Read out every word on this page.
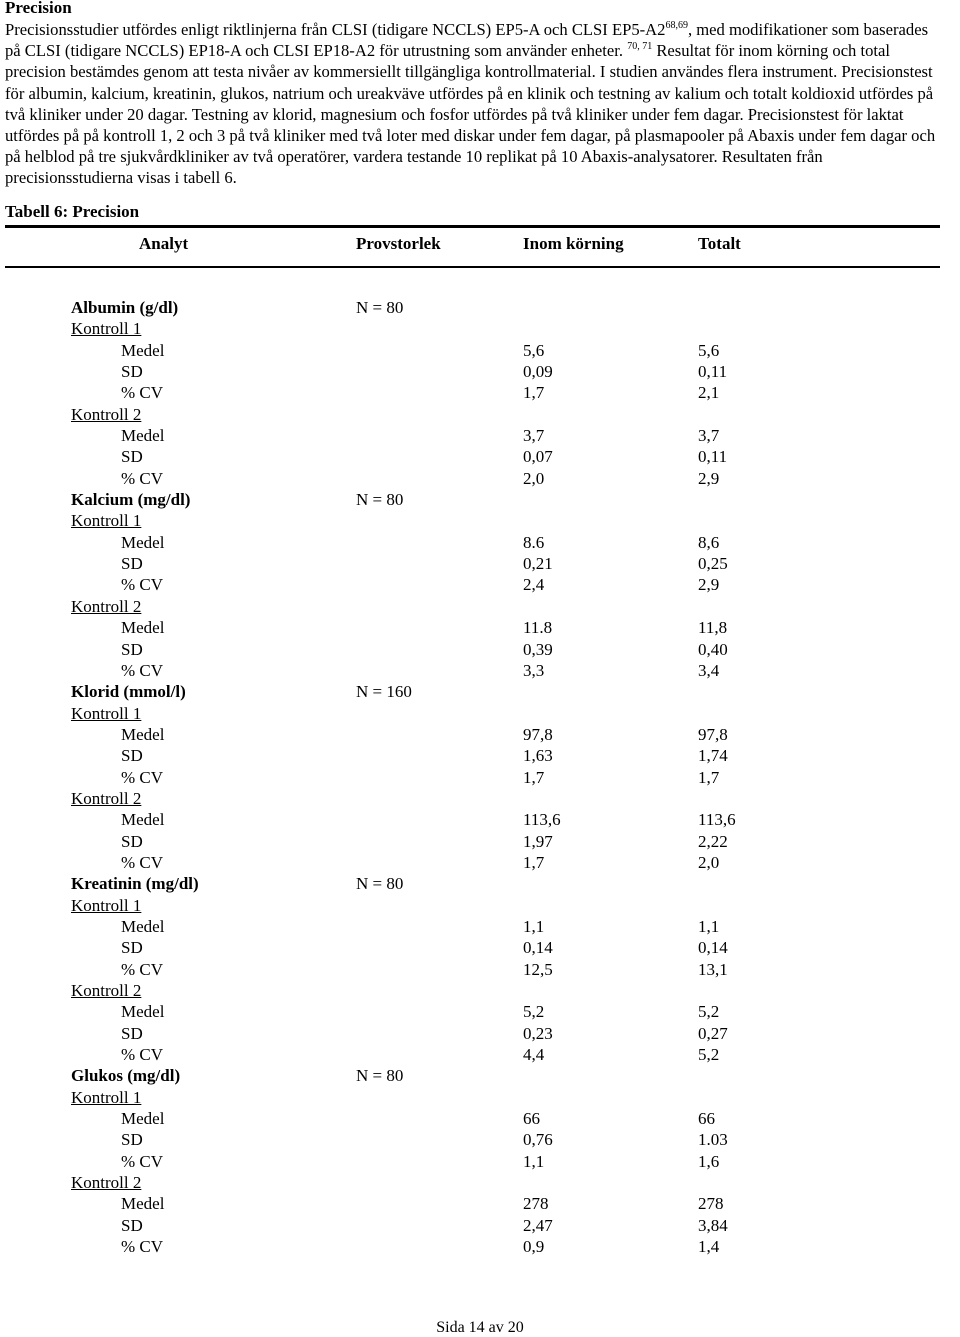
Precision
Precisionsstudier utfördes enligt riktlinjerna från CLSI (tidigare NCCLS) EP5-A och CLSI EP5-A2$^{68,69}$, med modifikationer som baserades på CLSI (tidigare NCCLS) EP18-A och CLSI EP18-A2 för utrustning som använder enheter. $^{70, 71}$ Resultat för inom körning och total precision bestämdes genom att testa nivåer av kommersiellt tillgängliga kontrollmaterial. I studien användes flera instrument. Precisionstest för albumin, kalcium, kreatinin, glukos, natrium och ureakväve utfördes på en klinik och testning av kalium och totalt koldioxid utfördes på två kliniker under 20 dagar. Testning av klorid, magnesium och fosfor utfördes på två kliniker under fem dagar. Precisionstest för laktat utfördes på på kontroll 1, 2 och 3 på två kliniker med två loter med diskar under fem dagar, på plasmapooler på Abaxis under fem dagar och på helblod på tre sjukvårdkliniker av två operatörer, vardera testande 10 replikat på 10 Abaxis-analysatorer. Resultaten från precisionsstudierna visas i tabell 6.
Tabell 6: Precision
Analyt	Provstorlek	Inom körning	Totalt
Albumin (g/dl)	N = 80
Kontroll 1
Medel	5,6	5,6
SD	0,09	0,11
% CV	1,7	2,1
Kontroll 2
Medel	3,7	3,7
SD	0,07	0,11
% CV	2,0	2,9
Kalcium (mg/dl)	N = 80
Kontroll 1
Medel	8.6	8,6
SD	0,21	0,25
% CV	2,4	2,9
Kontroll 2
Medel	11.8	11,8
SD	0,39	0,40
% CV	3,3	3,4
Klorid (mmol/l)	N = 160
Kontroll 1
Medel	97,8	97,8
SD	1,63	1,74
% CV	1,7	1,7
Kontroll 2
Medel	113,6	113,6
SD	1,97	2,22
% CV	1,7	2,0
Kreatinin (mg/dl)	N = 80
Kontroll 1
Medel	1,1	1,1
SD	0,14	0,14
% CV	12,5	13,1
Kontroll 2
Medel	5,2	5,2
SD	0,23	0,27
% CV	4,4	5,2
Glukos (mg/dl)	N = 80
Kontroll 1
Medel	66	66
SD	0,76	1.03
% CV	1,1	1,6
Kontroll 2
Medel	278	278
SD	2,47	3,84
% CV	0,9	1,4
Sida 14 av 20
